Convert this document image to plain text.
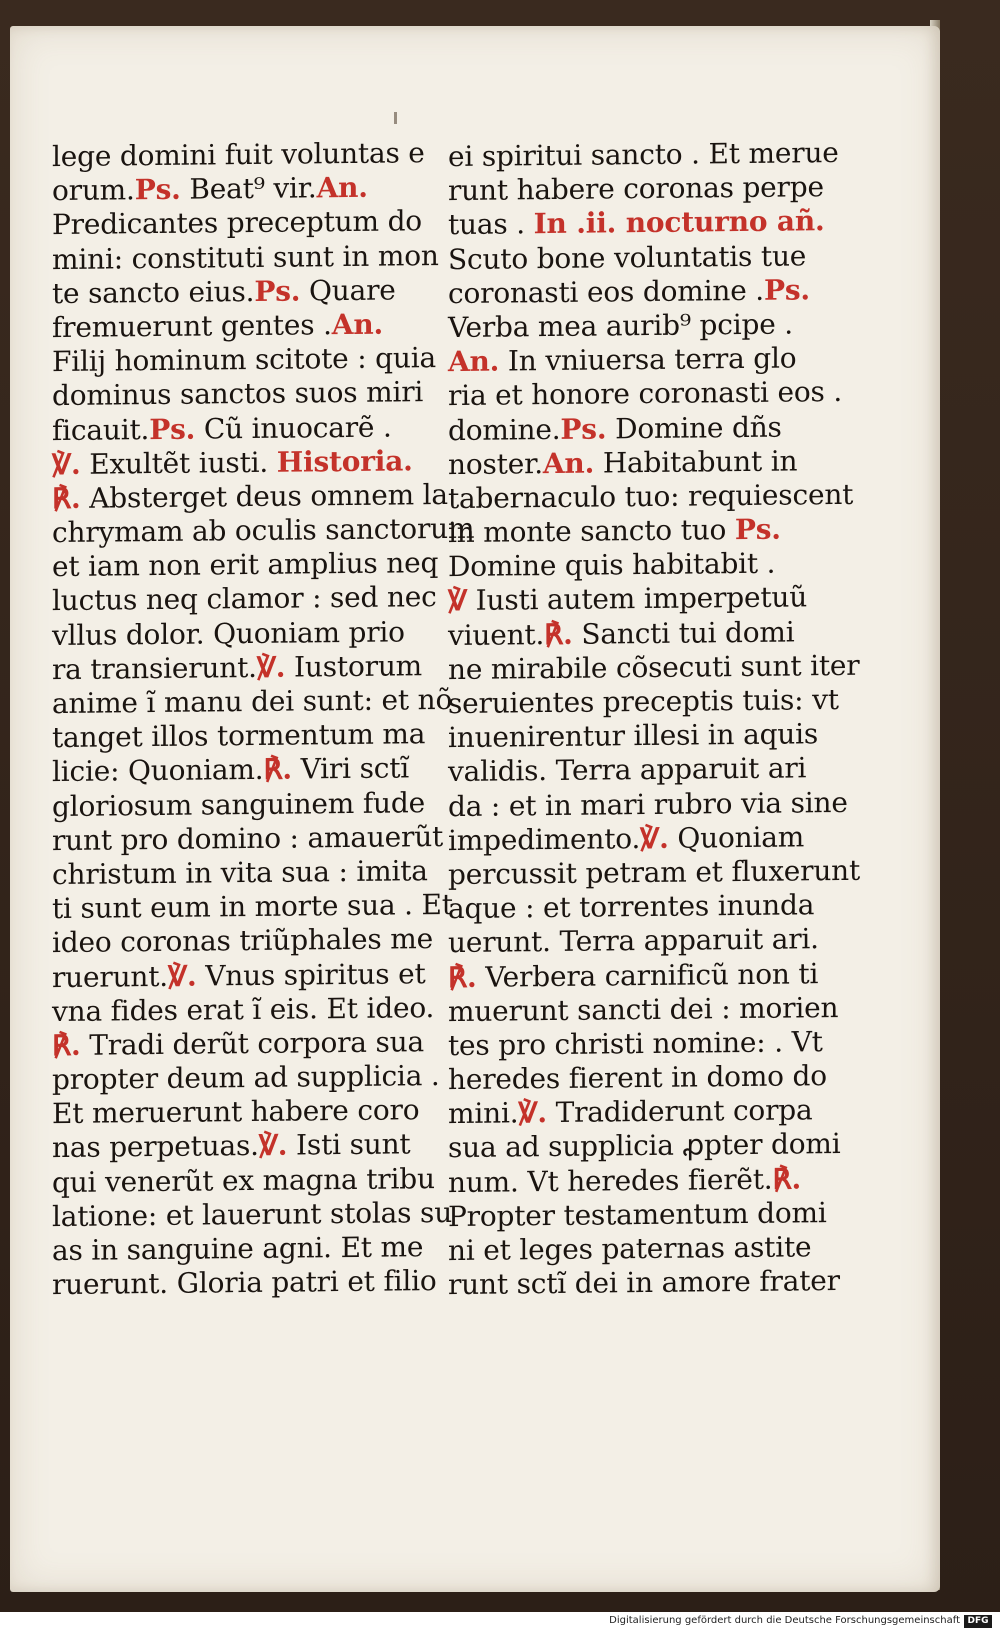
lege domini fuit voluntas e
orum.Ps. Beat⁹ vir.An.
Predicantes preceptum do
mini: constituti sunt in mon
te sancto eius.Ps. Quare
fremuerunt gentes .An.
Filij hominum scitote : quia
dominus sanctos suos miri
ficauit.Ps. Cũ inuocarẽ .
℣. Exultẽt iusti. Historia.
℟. Absterget deus omnem la
chrymam ab oculis sanctorum
et iam non erit amplius neq
luctus neq clamor : sed nec
vllus dolor. Quoniam prio
ra transierunt.℣. Iustorum
anime ĩ manu dei sunt: et nõ
tanget illos tormentum ma
licie: Quoniam.℟. Viri sctĩ
gloriosum sanguinem fude
runt pro domino : amauerũt
christum in vita sua : imita
ti sunt eum in morte sua . Et
ideo coronas triũphales me
ruerunt.℣. Vnus spiritus et
vna fides erat ĩ eis. Et ideo.
℟. Tradi derũt corpora sua
propter deum ad supplicia .
Et meruerunt habere coro
nas perpetuas.℣. Isti sunt
qui venerũt ex magna tribu
latione: et lauerunt stolas su
as in sanguine agni. Et me
ruerunt. Gloria patri et filio
ei spiritui sancto . Et merue
runt habere coronas perpe
tuas . In .ii. nocturno añ.
Scuto bone voluntatis tue
coronasti eos domine .Ps.
Verba mea aurib⁹ pcipe .
An. In vniuersa terra glo
ria et honore coronasti eos .
domine.Ps. Domine dñs
noster.An. Habitabunt in
tabernaculo tuo: requiescent
in monte sancto tuo Ps.
Domine quis habitabit .
℣ Iusti autem imperpetuũ
viuent.℟. Sancti tui domi
ne mirabile cõsecuti sunt iter
seruientes preceptis tuis: vt
inuenirentur illesi in aquis
validis. Terra apparuit ari
da : et in mari rubro via sine
impedimento.℣. Quoniam
percussit petram et fluxerunt
aque : et torrentes inunda
uerunt. Terra apparuit ari.
℟. Verbera carnificũ non ti
muerunt sancti dei : morien
tes pro christi nomine: . Vt
heredes fierent in domo do
mini.℣. Tradiderunt corpa
sua ad supplicia ꝓpter domi
num. Vt heredes fierẽt.℟.
Propter testamentum domi
ni et leges paternas astite
runt sctĩ dei in amore frater
Digitalisierung gefördert durch die Deutsche Forschungsgemeinschaft DFG
